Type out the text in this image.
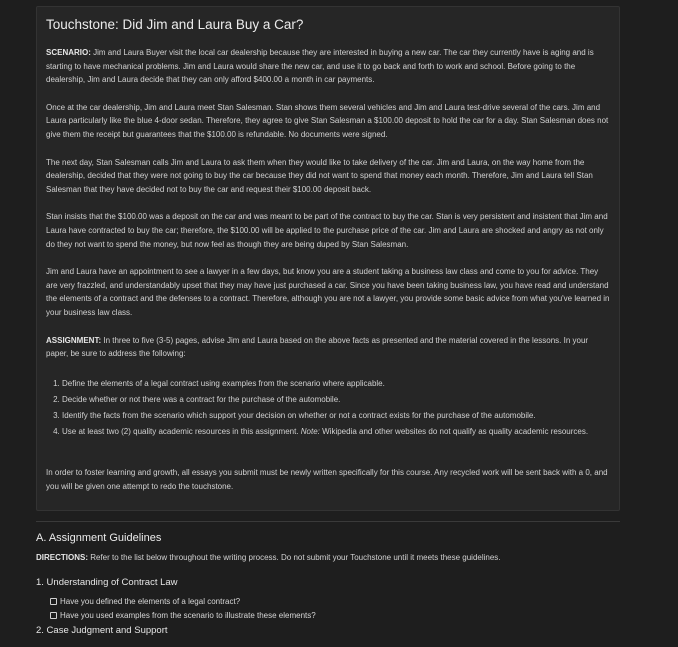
Touchstone: Did Jim and Laura Buy a Car?

SCENARIO: Jim and Laura Buyer visit the local car dealership because they are interested in buying a new car. The car they currently have is aging and is starting to have mechanical problems. Jim and Laura would share the new car, and use it to go back and forth to work and school. Before going to the dealership, Jim and Laura decide that they can only afford $400.00 a month in car payments.

Once at the car dealership, Jim and Laura meet Stan Salesman. Stan shows them several vehicles and Jim and Laura test-drive several of the cars. Jim and Laura particularly like the blue 4-door sedan. Therefore, they agree to give Stan Salesman a $100.00 deposit to hold the car for a day. Stan Salesman does not give them the receipt but guarantees that the $100.00 is refundable. No documents were signed.

The next day, Stan Salesman calls Jim and Laura to ask them when they would like to take delivery of the car. Jim and Laura, on the way home from the dealership, decided that they were not going to buy the car because they did not want to spend that money each month. Therefore, Jim and Laura tell Stan Salesman that they have decided not to buy the car and request their $100.00 deposit back.

Stan insists that the $100.00 was a deposit on the car and was meant to be part of the contract to buy the car. Stan is very persistent and insistent that Jim and Laura have contracted to buy the car; therefore, the $100.00 will be applied to the purchase price of the car. Jim and Laura are shocked and angry as not only do they not want to spend the money, but now feel as though they are being duped by Stan Salesman.

Jim and Laura have an appointment to see a lawyer in a few days, but know you are a student taking a business law class and come to you for advice. They are very frazzled, and understandably upset that they may have just purchased a car. Since you have been taking business law, you have read and understand the elements of a contract and the defenses to a contract. Therefore, although you are not a lawyer, you provide some basic advice from what you've learned in your business law class.

ASSIGNMENT: In three to five (3-5) pages, advise Jim and Laura based on the above facts as presented and the material covered in the lessons. In your paper, be sure to address the following:

1. Define the elements of a legal contract using examples from the scenario where applicable.
2. Decide whether or not there was a contract for the purchase of the automobile.
3. Identify the facts from the scenario which support your decision on whether or not a contract exists for the purchase of the automobile.
4. Use at least two (2) quality academic resources in this assignment. Note: Wikipedia and other websites do not qualify as quality academic resources.

In order to foster learning and growth, all essays you submit must be newly written specifically for this course. Any recycled work will be sent back with a 0, and you will be given one attempt to redo the touchstone.

A. Assignment Guidelines

DIRECTIONS: Refer to the list below throughout the writing process. Do not submit your Touchstone until it meets these guidelines.

1. Understanding of Contract Law
Have you defined the elements of a legal contract?
Have you used examples from the scenario to illustrate these elements?
2. Case Judgment and Support
